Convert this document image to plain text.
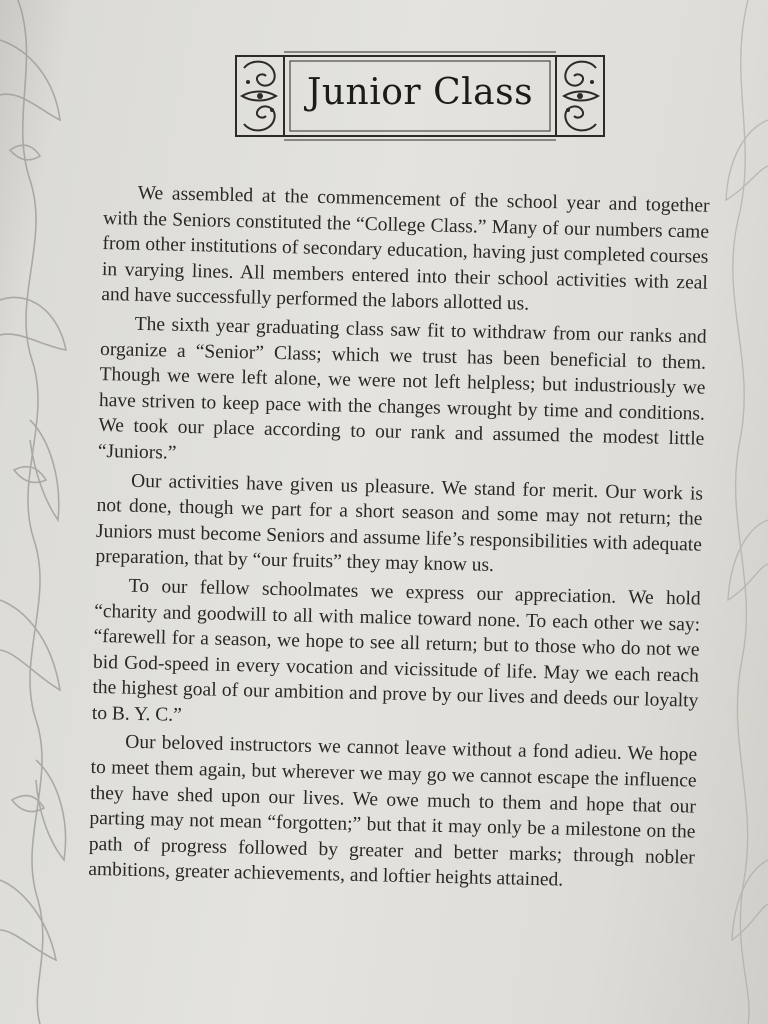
Junior Class

We assembled at the commencement of the school year and together with the Seniors constituted the “College Class.” Many of our numbers came from other institutions of secondary education, having just completed courses in varying lines. All members entered into their school activities with zeal and have successfully performed the labors allotted us.

The sixth year graduating class saw fit to withdraw from our ranks and organize a “Senior” Class; which we trust has been beneficial to them. Though we were left alone, we were not left helpless; but industriously we have striven to keep pace with the changes wrought by time and conditions. We took our place according to our rank and assumed the modest little “Juniors.”

Our activities have given us pleasure. We stand for merit. Our work is not done, though we part for a short season and some may not return; the Juniors must become Seniors and assume life’s responsibilities with adequate preparation, that by “our fruits” they may know us.

To our fellow schoolmates we express our appreciation. We hold “charity and goodwill to all with malice toward none. To each other we say: “farewell for a season, we hope to see all return; but to those who do not we bid God-speed in every vocation and vicissitude of life. May we each reach the highest goal of our ambition and prove by our lives and deeds our loyalty to B. Y. C.”

Our beloved instructors we cannot leave without a fond adieu. We hope to meet them again, but wherever we may go we cannot escape the influence they have shed upon our lives. We owe much to them and hope that our parting may not mean “forgotten;” but that it may only be a milestone on the path of progress followed by greater and better marks; through nobler ambitions, greater achievements, and loftier heights attained.
